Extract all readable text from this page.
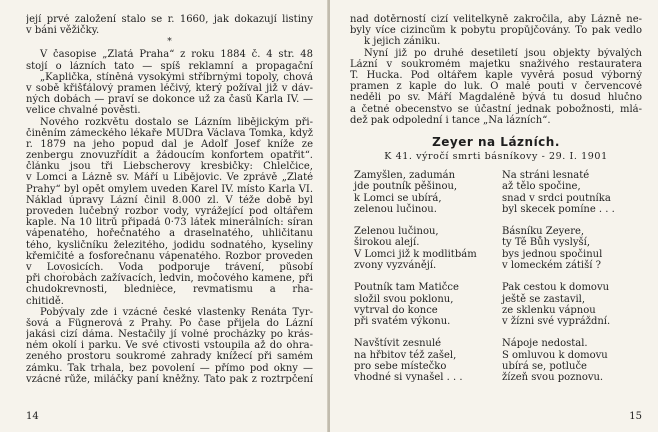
její prvé založení stalo se r. 1660, jak dokazují listiny
v báni věžičky.
*
V časopise „Zlatá Praha“ z roku 1884 č. 4 str. 48
stojí o lázních tato — spíš reklamní a propagační
„Kaplička, stíněná vysokými stříbrnými topoly, chová
v sobě křišťálový pramen léčivý, který požíval již v dáv-
ných dobách — praví se dokonce už za časů Karla IV. —
velice chvalné pověsti.
Nového rozkvětu dostalo se Lázním libějickým při-
činěním zámeckého lékaře MUDra Václava Tomka, když
r. 1879 na jeho popud dal je Adolf Josef kníže ze
zenbergu znovuzřídit a žádoucím konfortem opatřit“.
článku jsou tři Liebscherovy kresbičky: Chlelčice,
v Lomci a Lázně sv. Máří u Libějovic. Ve zprávě „Zlaté
Prahy“ byl opět omylem uveden Karel IV. místo Karla VI.
Náklad úpravy Lázní činil 8.000 zl. V téže době byl
proveden lučebný rozbor vody, vyrážející pod oltářem
kaple. Na 10 litrů připadá 0·73 látek minerálních: síran
vápenatého, hořečnatého a draselnatého, uhličitanu
tého, kysličníku železitého, jodidu sodnatého, kyseliny
křemičité a fosforečnanu vápenatého. Rozbor proveden
v Lovosicích. Voda podporuje trávení, působí
při chorobách zažívacích, ledvin, močového kamene, při
chudokrevnosti, blednièce, revmatismu a rha-
chitidě.
Pobývaly zde i vzácné české vlastenky Renáta Tyr-
šová a Fügnerová z Prahy. Po čase přijela do Lázní
jakási cizí dáma. Nestačily jí volné procházky po krás-
ném okolí i parku. Ve své ctivosti vstoupila až do ohra-
zeného prostoru soukromé zahrady knížecí při samém
zámku. Tak trhala, bez povolení — přímo pod okny —
vzácné růže, miláčky paní kněžny. Tato pak z roztrpčení
14
nad dotěrností cizí velitelkyně zakročila, aby Lázně ne-
byly více cizincům k pobytu propůjčovány. To pak vedlo
k jejich zániku.
Nyní již po druhé desetiletí jsou objekty bývalých
Lázní v soukromém majetku snaživého restauratera
T. Hucka. Pod oltářem kaple vyvěrá posud výborný
pramen z kaple do luk. O malé pouti v červencové
neděli po sv. Máří Magdaléně bývá tu dosud hlučno
a četné obecenstvo se účastní jednak pobožnosti, mlá-
dež pak odpolední i tance „Na lázních“.
Zeyer na Lázních.
K 41. výročí smrti básníkovy - 29. I. 1901
Zamyšlen, zadumán
jde poutník pěšinou,
k Lomci se ubírá,
zelenou lučinou.
Zelenou lučinou,
širokou alejí.
V Lomci již k modlitbám
zvony vyzvánějí.
Poutník tam Matičce
složil svou poklonu,
vytrval do konce
při svatém výkonu.
Navštívit zesnulé
na hřbitov též zašel,
pro sebe místečko
vhodné si vynašel . . .
Na stráni lesnaté
až tělo spočine,
snad v srdci poutníka
byl skecek pomíne . . .
Básníku Zeyere,
ty Tě Bůh vyslyší,
bys jednou spočinul
v lomeckém zátiší ?
Pak cestou k domovu
ještě se zastavil,
ze sklenku vápnou
v žízni své vypráždní.
Nápoje nedostal.
S omluvou k domovu
ubírá se, potluče
žízeň svou poznovu.
15
